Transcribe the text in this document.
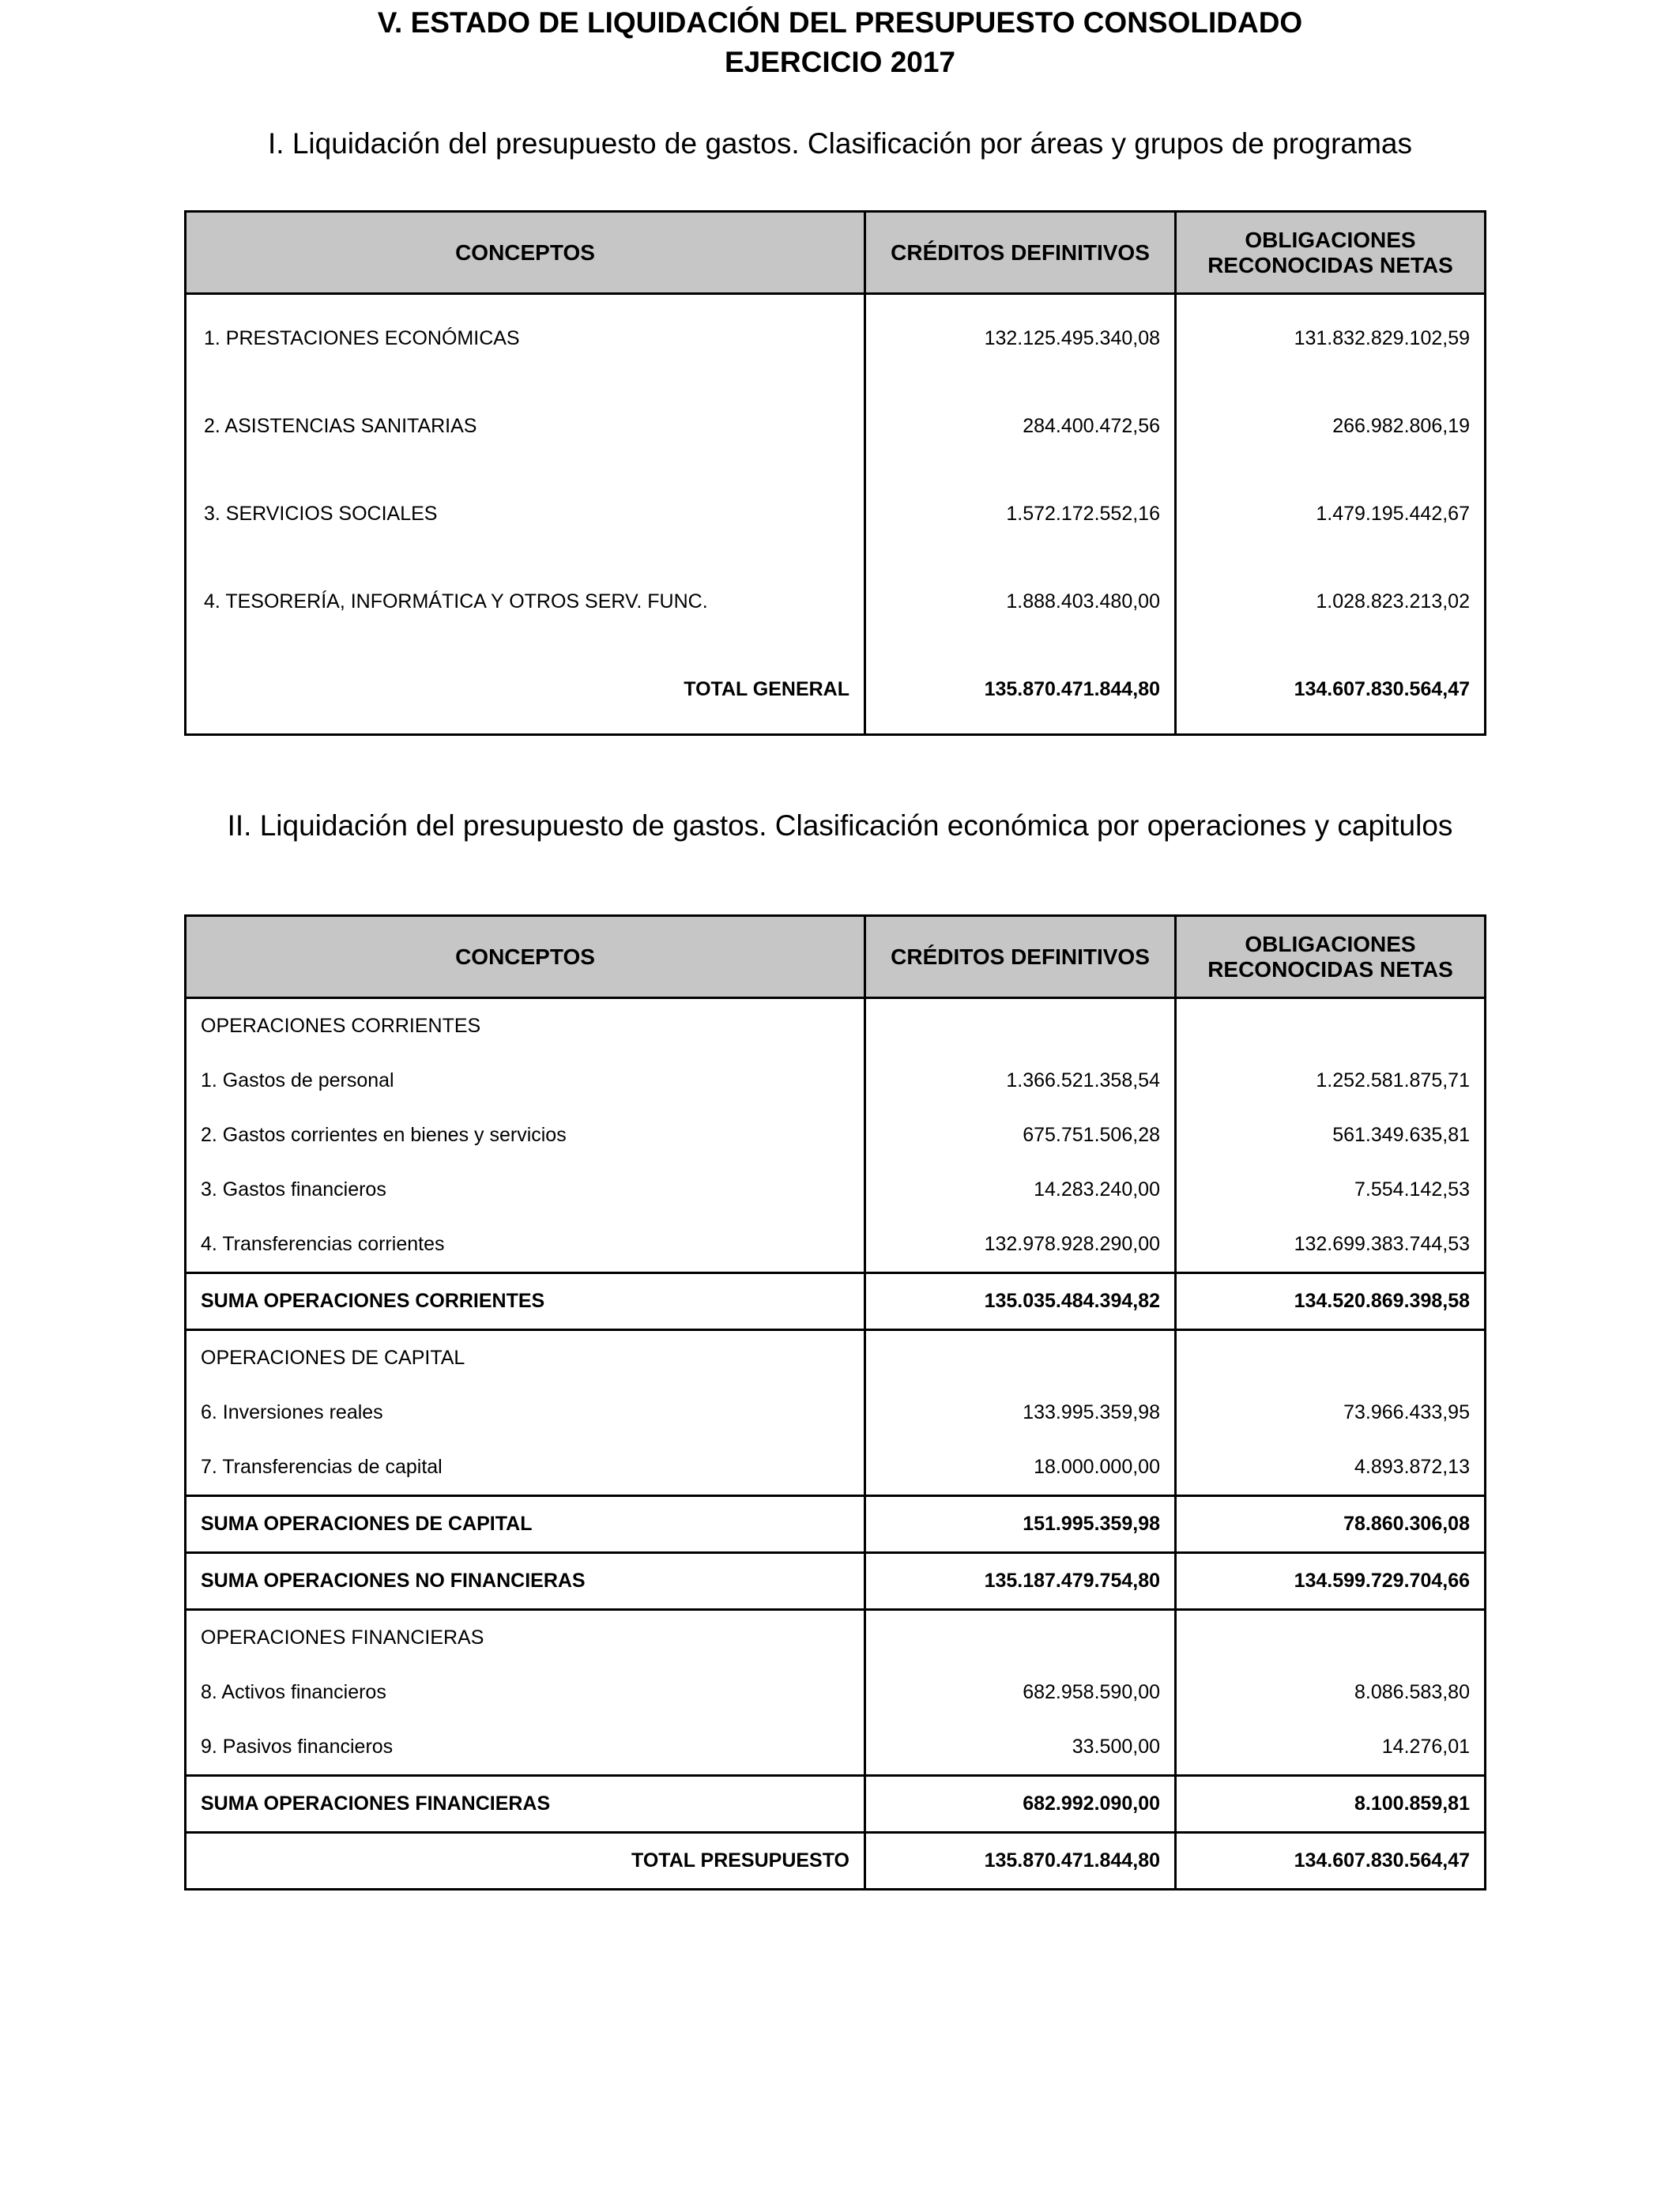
V. ESTADO DE LIQUIDACIÓN DEL PRESUPUESTO CONSOLIDADO
EJERCICIO 2017
I. Liquidación del presupuesto de gastos. Clasificación por áreas y grupos de programas
CONCEPTOS	CRÉDITOS DEFINITIVOS	OBLIGACIONES
RECONOCIDAS NETAS

1. PRESTACIONES ECONÓMICAS	132.125.495.340,08	131.832.829.102,59
2. ASISTENCIAS SANITARIAS	284.400.472,56	266.982.806,19
3. SERVICIOS SOCIALES	1.572.172.552,16	1.479.195.442,67
4. TESORERÍA, INFORMÁTICA Y OTROS SERV. FUNC.	1.888.403.480,00	1.028.823.213,02
TOTAL GENERAL	135.870.471.844,80	134.607.830.564,47
II. Liquidación del presupuesto de gastos. Clasificación económica por operaciones y capitulos
CONCEPTOS	CRÉDITOS DEFINITIVOS	OBLIGACIONES
RECONOCIDAS NETAS

OPERACIONES CORRIENTES		
1. Gastos de personal	1.366.521.358,54	1.252.581.875,71
2. Gastos corrientes en bienes y servicios	675.751.506,28	561.349.635,81
3. Gastos financieros	14.283.240,00	7.554.142,53
4. Transferencias corrientes	132.978.928.290,00	132.699.383.744,53
SUMA OPERACIONES CORRIENTES	135.035.484.394,82	134.520.869.398,58
OPERACIONES DE CAPITAL		
6. Inversiones reales	133.995.359,98	73.966.433,95
7. Transferencias de capital	18.000.000,00	4.893.872,13
SUMA OPERACIONES DE CAPITAL	151.995.359,98	78.860.306,08
SUMA OPERACIONES NO FINANCIERAS	135.187.479.754,80	134.599.729.704,66
OPERACIONES FINANCIERAS		
8. Activos financieros	682.958.590,00	8.086.583,80
9. Pasivos financieros	33.500,00	14.276,01
SUMA OPERACIONES FINANCIERAS	682.992.090,00	8.100.859,81
TOTAL PRESUPUESTO	135.870.471.844,80	134.607.830.564,47
